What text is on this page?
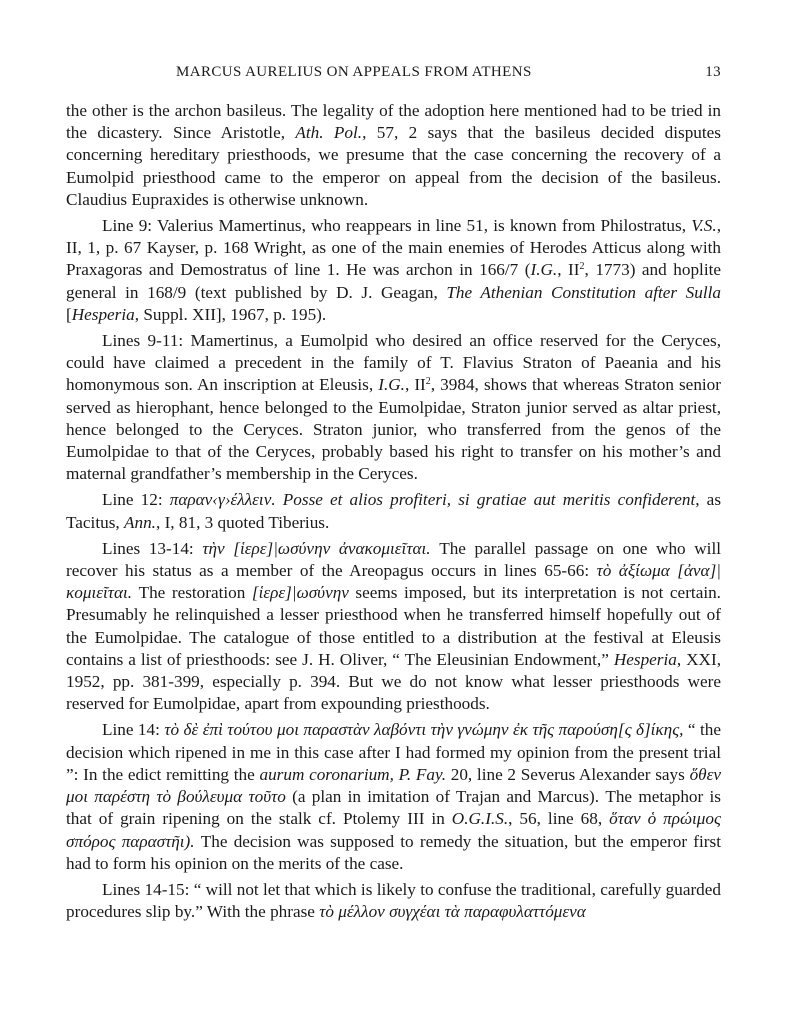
MARCUS AURELIUS ON APPEALS FROM ATHENS	13

the other is the archon basileus. The legality of the adoption here mentioned had to be tried in the dicastery. Since Aristotle, Ath. Pol., 57, 2 says that the basileus decided disputes concerning hereditary priesthoods, we presume that the case concerning the recovery of a Eumolpid priesthood came to the emperor on appeal from the decision of the basileus. Claudius Eupraxides is otherwise unknown.

Line 9: Valerius Mamertinus, who reappears in line 51, is known from Philostratus, V.S., II, 1, p. 67 Kayser, p. 168 Wright, as one of the main enemies of Herodes Atticus along with Praxagoras and Demostratus of line 1. He was archon in 166/7 (I.G., $II^2$, 1773) and hoplite general in 168/9 (text published by D. J. Geagan, The Athenian Constitution after Sulla [Hesperia, Suppl. XII], 1967, p. 195).

Lines 9-11: Mamertinus, a Eumolpid who desired an office reserved for the Ceryces, could have claimed a precedent in the family of T. Flavius Straton of Paeania and his homonymous son. An inscription at Eleusis, I.G., $II^2$, 3984, shows that whereas Straton senior served as hierophant, hence belonged to the Eumolpidae, Straton junior served as altar priest, hence belonged to the Ceryces. Straton junior, who transferred from the genos of the Eumolpidae to that of the Ceryces, probably based his right to transfer on his mother’s and maternal grandfather’s membership in the Ceryces.

Line 12: παραν‹γ›έλλειν. Posse et alios profiteri, si gratiae aut meritis confiderent, as Tacitus, Ann., I, 81, 3 quoted Tiberius.

Lines 13-14: τὴν [ἱερε]|ωσύνην ἀνακομιεῖται. The parallel passage on one who will recover his status as a member of the Areopagus occurs in lines 65-66: τὸ ἀξίωμα [ἀνα]|κομιεῖται. The restoration [ἱερε]|ωσύνην seems imposed, but its interpretation is not certain. Presumably he relinquished a lesser priesthood when he transferred himself hopefully out of the Eumolpidae. The catalogue of those entitled to a distribution at the festival at Eleusis contains a list of priesthoods: see J. H. Oliver, “ The Eleusinian Endowment,” Hesperia, XXI, 1952, pp. 381-399, especially p. 394. But we do not know what lesser priesthoods were reserved for Eumolpidae, apart from expounding priesthoods.

Line 14: τὸ δὲ ἐπὶ τούτου μοι παραστὰν λαβόντι τὴν γνώμην ἐκ τῆς παρούση[ς δ]ίκης, “ the decision which ripened in me in this case after I had formed my opinion from the present trial ”: In the edict remitting the aurum coronarium, P. Fay. 20, line 2 Severus Alexander says ὅθεν μοι παρέστη τὸ βούλευμα τοῦτο (a plan in imitation of Trajan and Marcus). The metaphor is that of grain ripening on the stalk cf. Ptolemy III in O.G.I.S., 56, line 68, ὅταν ὁ πρώιμος σπόρος παραστῆι). The decision was supposed to remedy the situation, but the emperor first had to form his opinion on the merits of the case.

Lines 14-15: “ will not let that which is likely to confuse the traditional, carefully guarded procedures slip by.” With the phrase τὸ μέλλον συγχέαι τὰ παραφυλαττόμενα
